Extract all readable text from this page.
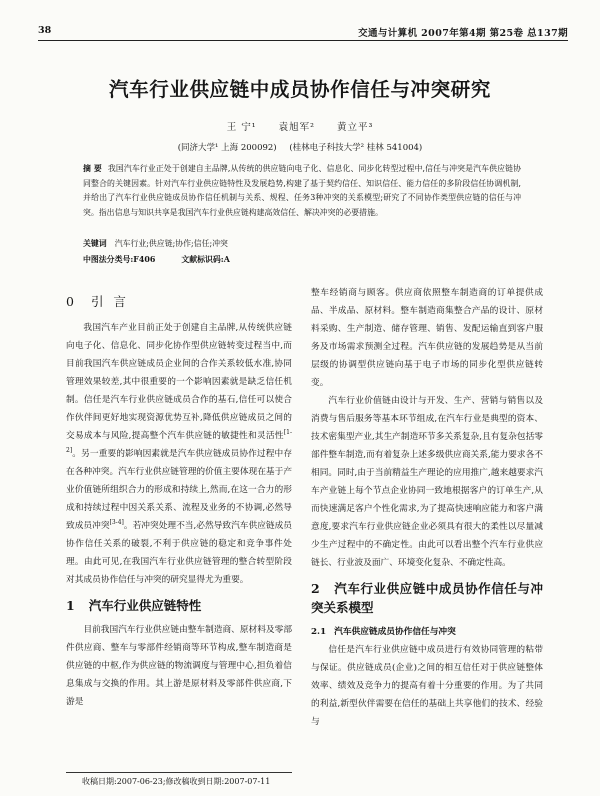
38	交通与计算机 2007年第4期 第25卷 总137期
汽车行业供应链中成员协作信任与冲突研究
王 宁¹ 袁旭军² 黄立平³
(同济大学¹ 上海 200092) (桂林电子科技大学² 桂林 541004)
摘 要 我国汽车行业正处于创建自主品牌,从传统的供应链向电子化、信息化、同步化转型过程中,信任与冲突是汽车供应链协同整合的关键因素。针对汽车行业供应链特性及发展趋势,构建了基于契约信任、知识信任、能力信任的多阶段信任协调机制,并给出了汽车行业供应链成员协作信任机制与关系、规程、任务3种冲突的关系模型;研究了不同协作类型供应链的信任与冲突。指出信息与知识共享是我国汽车行业供应链构建高效信任、解决冲突的必要措施。
关键词 汽车行业;供应链;协作;信任;冲突
中图法分类号:F406	文献标识码:A
0 引 言

我国汽车产业目前正处于创建自主品牌,从传统供应链向电子化、信息化、同步化协作型供应链转变过程当中,而目前我国汽车供应链成员企业间的合作关系较低水准,协同管理效果较差,其中很重要的一个影响因素就是缺乏信任机制。信任是汽车行业供应链成员合作的基石,信任可以使合作伙伴间更好地实现资源优势互补,降低供应链成员之间的交易成本与风险,提高整个汽车供应链的敏捷性和灵活性[1-2]。另一重要的影响因素就是汽车供应链成员协作过程中存在各种冲突。汽车行业供应链管理的价值主要体现在基于产业价值链所组织合力的形成和持续上,然而,在这一合力的形成和持续过程中因关系关系、流程及业务的不协调,必然导致成员冲突[3-4]。若冲突处理不当,必然导致汽车供应链成员协作信任关系的破裂,不利于供应链的稳定和竞争事件处理。由此可见,在我国汽车行业供应链管理的整合转型阶段对其成员协作信任与冲突的研究显得尤为重要。

1 汽车行业供应链特性

目前我国汽车行业供应链由整车制造商、原材料及零部件供应商、整车与零部件经销商等环节构成,整车制造商是供应链的中枢,作为供应链的物流调度与管理中心,担负着信息集成与交换的作用。其上游是原材料及零部件供应商,下游是

整车经销商与顾客。供应商依照整车制造商的订单提供成品、半成品、原材料。整车制造商集整合产品的设计、原材料采购、生产制造、储存管理、销售、发配运输直到客户服务及市场需求预测全过程。汽车供应链的发展趋势是从当前层级的协调型供应链向基于电子市场的同步化型供应链转变。

汽车行业价值链由设计与开发、生产、营销与销售以及消费与售后服务等基本环节组成,在汽车行业是典型的资本、技术密集型产业,其生产制造环节多关系复杂,且有复杂包括零部件整车制造,而有着复杂上述多级供应商关系,能力要求各不相同。同时,由于当前精益生产理论的应用推广,越来越要求汽车产业链上每个节点企业协同一致地根据客户的订单生产,从而快速满足客户个性化需求,为了提高快速响应能力和客户满意度,要求汽车行业供应链企业必须具有很大的柔性以尽量减少生产过程中的不确定性。由此可以看出整个汽车行业供应链长、行业波及面广、环境变化复杂、不确定性高。

2 汽车行业供应链中成员协作信任与冲突关系模型
2.1 汽车供应链成员协作信任与冲突

信任是汽车行业供应链中成员进行有效协同管理的粘带与保证。供应链成员(企业)之间的相互信任对于供应链整体效率、绩效及竞争力的提高有着十分重要的作用。为了共同的利益,新型伙伴需要在信任的基础上共享他们的技术、经验与

收稿日期:2007-06-23;修改稿收到日期:2007-07-11
